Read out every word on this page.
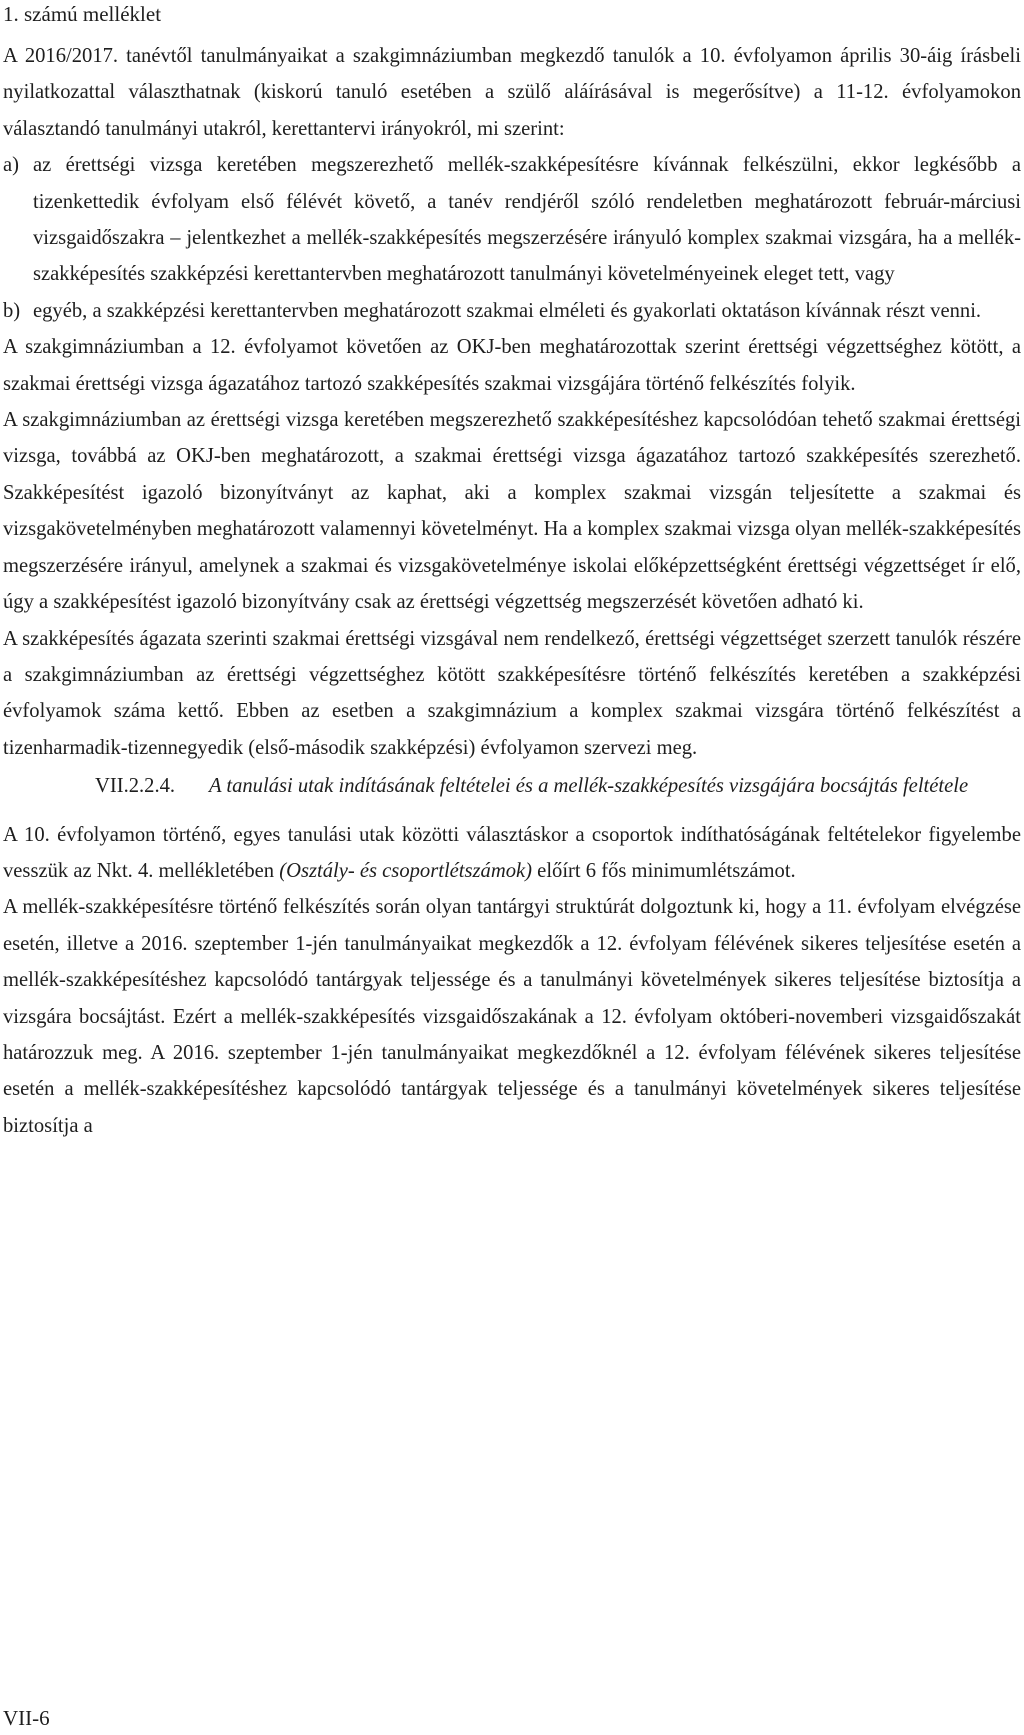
1. számú melléklet

A 2016/2017. tanévtől tanulmányaikat a szakgimnáziumban megkezdő tanulók a 10. évfolyamon április 30-áig írásbeli nyilatkozattal választhatnak (kiskorú tanuló esetében a szülő aláírásával is megerősítve) a 11-12. évfolyamokon választandó tanulmányi utakról, kerettantervi irányokról, mi szerint:

a) az érettségi vizsga keretében megszerezhető mellék-szakképesítésre kívánnak felkészülni, ekkor legkésőbb a tizenkettedik évfolyam első félévét követő, a tanév rendjéről szóló rendeletben meghatározott február-márciusi vizsgaidőszakra – jelentkezhet a mellék-szakképesítés megszerzésére irányuló komplex szakmai vizsgára, ha a mellék-szakképesítés szakképzési kerettantervben meghatározott tanulmányi követelményeinek eleget tett, vagy
b) egyéb, a szakképzési kerettantervben meghatározott szakmai elméleti és gyakorlati oktatáson kívánnak részt venni.

A szakgimnáziumban a 12. évfolyamot követően az OKJ-ben meghatározottak szerint érettségi végzettséghez kötött, a szakmai érettségi vizsga ágazatához tartozó szakképesítés szakmai vizsgájára történő felkészítés folyik.

A szakgimnáziumban az érettségi vizsga keretében megszerezhető szakképesítéshez kapcsolódóan tehető szakmai érettségi vizsga, továbbá az OKJ-ben meghatározott, a szakmai érettségi vizsga ágazatához tartozó szakképesítés szerezhető. Szakképesítést igazoló bizonyítványt az kaphat, aki a komplex szakmai vizsgán teljesítette a szakmai és vizsgakövetelményben meghatározott valamennyi követelményt. Ha a komplex szakmai vizsga olyan mellék-szakképesítés megszerzésére irányul, amelynek a szakmai és vizsgakövetelménye iskolai előképzettségként érettségi végzettséget ír elő, úgy a szakképesítést igazoló bizonyítvány csak az érettségi végzettség megszerzését követően adható ki.

A szakképesítés ágazata szerinti szakmai érettségi vizsgával nem rendelkező, érettségi végzettséget szerzett tanulók részére a szakgimnáziumban az érettségi végzettséghez kötött szakképesítésre történő felkészítés keretében a szakképzési évfolyamok száma kettő. Ebben az esetben a szakgimnázium a komplex szakmai vizsgára történő felkészítést a tizenharmadik-tizennegyedik (első-második szakképzési) évfolyamon szervezi meg.

VII.2.2.4.	A tanulási utak indításának feltételei és a mellék-szakképesítés vizsgájára bocsájtás feltétele

A 10. évfolyamon történő, egyes tanulási utak közötti választáskor a csoportok indíthatóságának feltételekor figyelembe vesszük az Nkt. 4. mellékletében (Osztály- és csoportlétszámok) előírt 6 fős minimumlétszámot.

A mellék-szakképesítésre történő felkészítés során olyan tantárgyi struktúrát dolgoztunk ki, hogy a 11. évfolyam elvégzése esetén, illetve a 2016. szeptember 1-jén tanulmányaikat megkezdők a 12. évfolyam félévének sikeres teljesítése esetén a mellék-szakképesítéshez kapcsolódó tantárgyak teljessége és a tanulmányi követelmények sikeres teljesítése biztosítja a vizsgára bocsájtást. Ezért a mellék-szakképesítés vizsgaidőszakának a 12. évfolyam októberi-novemberi vizsgaidőszakát határozzuk meg. A 2016. szeptember 1-jén tanulmányaikat megkezdőknél a 12. évfolyam félévének sikeres teljesítése esetén a mellék-szakképesítéshez kapcsolódó tantárgyak teljessége és a tanulmányi követelmények sikeres teljesítése biztosítja a

VII-6
